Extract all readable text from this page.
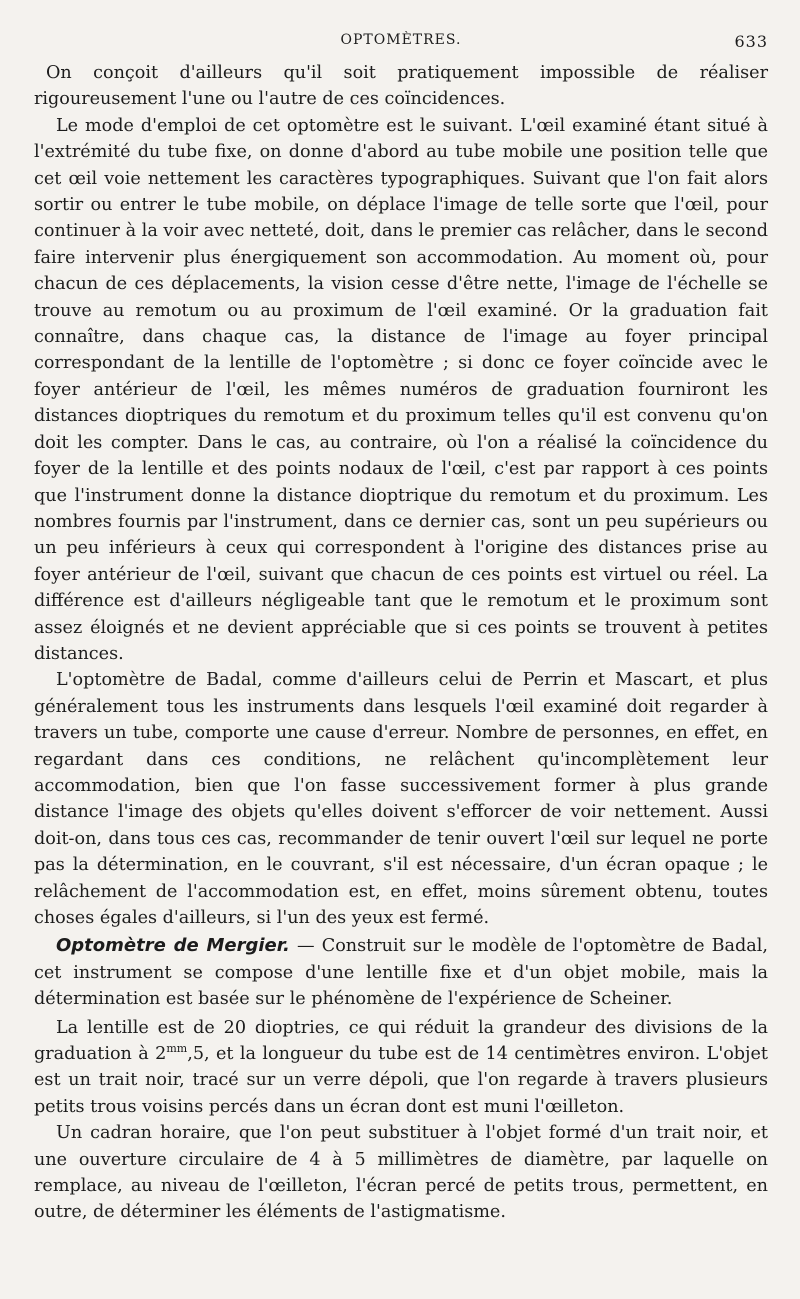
OPTOMÈTRES.	633

On conçoit d'ailleurs qu'il soit pratiquement impossible de réaliser rigoureusement l'une ou l'autre de ces coïncidences.

Le mode d'emploi de cet optomètre est le suivant. L'œil examiné étant situé à l'extrémité du tube fixe, on donne d'abord au tube mobile une position telle que cet œil voie nettement les caractères typographiques. Suivant que l'on fait alors sortir ou entrer le tube mobile, on déplace l'image de telle sorte que l'œil, pour continuer à la voir avec netteté, doit, dans le premier cas relâcher, dans le second faire intervenir plus énergiquement son accommodation. Au moment où, pour chacun de ces déplacements, la vision cesse d'être nette, l'image de l'échelle se trouve au remotum ou au proximum de l'œil examiné. Or la graduation fait connaître, dans chaque cas, la distance de l'image au foyer principal correspondant de la lentille de l'optomètre ; si donc ce foyer coïncide avec le foyer antérieur de l'œil, les mêmes numéros de graduation fourniront les distances dioptriques du remotum et du proximum telles qu'il est convenu qu'on doit les compter. Dans le cas, au contraire, où l'on a réalisé la coïncidence du foyer de la lentille et des points nodaux de l'œil, c'est par rapport à ces points que l'instrument donne la distance dioptrique du remotum et du proximum. Les nombres fournis par l'instrument, dans ce dernier cas, sont un peu supérieurs ou un peu inférieurs à ceux qui correspondent à l'origine des distances prise au foyer antérieur de l'œil, suivant que chacun de ces points est virtuel ou réel. La différence est d'ailleurs négligeable tant que le remotum et le proximum sont assez éloignés et ne devient appréciable que si ces points se trouvent à petites distances.

L'optomètre de Badal, comme d'ailleurs celui de Perrin et Mascart, et plus généralement tous les instruments dans lesquels l'œil examiné doit regarder à travers un tube, comporte une cause d'erreur. Nombre de personnes, en effet, en regardant dans ces conditions, ne relâchent qu'incomplètement leur accommodation, bien que l'on fasse successivement former à plus grande distance l'image des objets qu'elles doivent s'efforcer de voir nettement. Aussi doit-on, dans tous ces cas, recommander de tenir ouvert l'œil sur lequel ne porte pas la détermination, en le couvrant, s'il est nécessaire, d'un écran opaque ; le relâchement de l'accommodation est, en effet, moins sûrement obtenu, toutes choses égales d'ailleurs, si l'un des yeux est fermé.

Optomètre de Mergier. — Construit sur le modèle de l'optomètre de Badal, cet instrument se compose d'une lentille fixe et d'un objet mobile, mais la détermination est basée sur le phénomène de l'expérience de Scheiner.

La lentille est de 20 dioptries, ce qui réduit la grandeur des divisions de la graduation à $2^{mm},5$, et la longueur du tube est de 14 centimètres environ. L'objet est un trait noir, tracé sur un verre dépoli, que l'on regarde à travers plusieurs petits trous voisins percés dans un écran dont est muni l'œilleton.

Un cadran horaire, que l'on peut substituer à l'objet formé d'un trait noir, et une ouverture circulaire de 4 à 5 millimètres de diamètre, par laquelle on remplace, au niveau de l'œilleton, l'écran percé de petits trous, permettent, en outre, de déterminer les éléments de l'astigmatisme.
